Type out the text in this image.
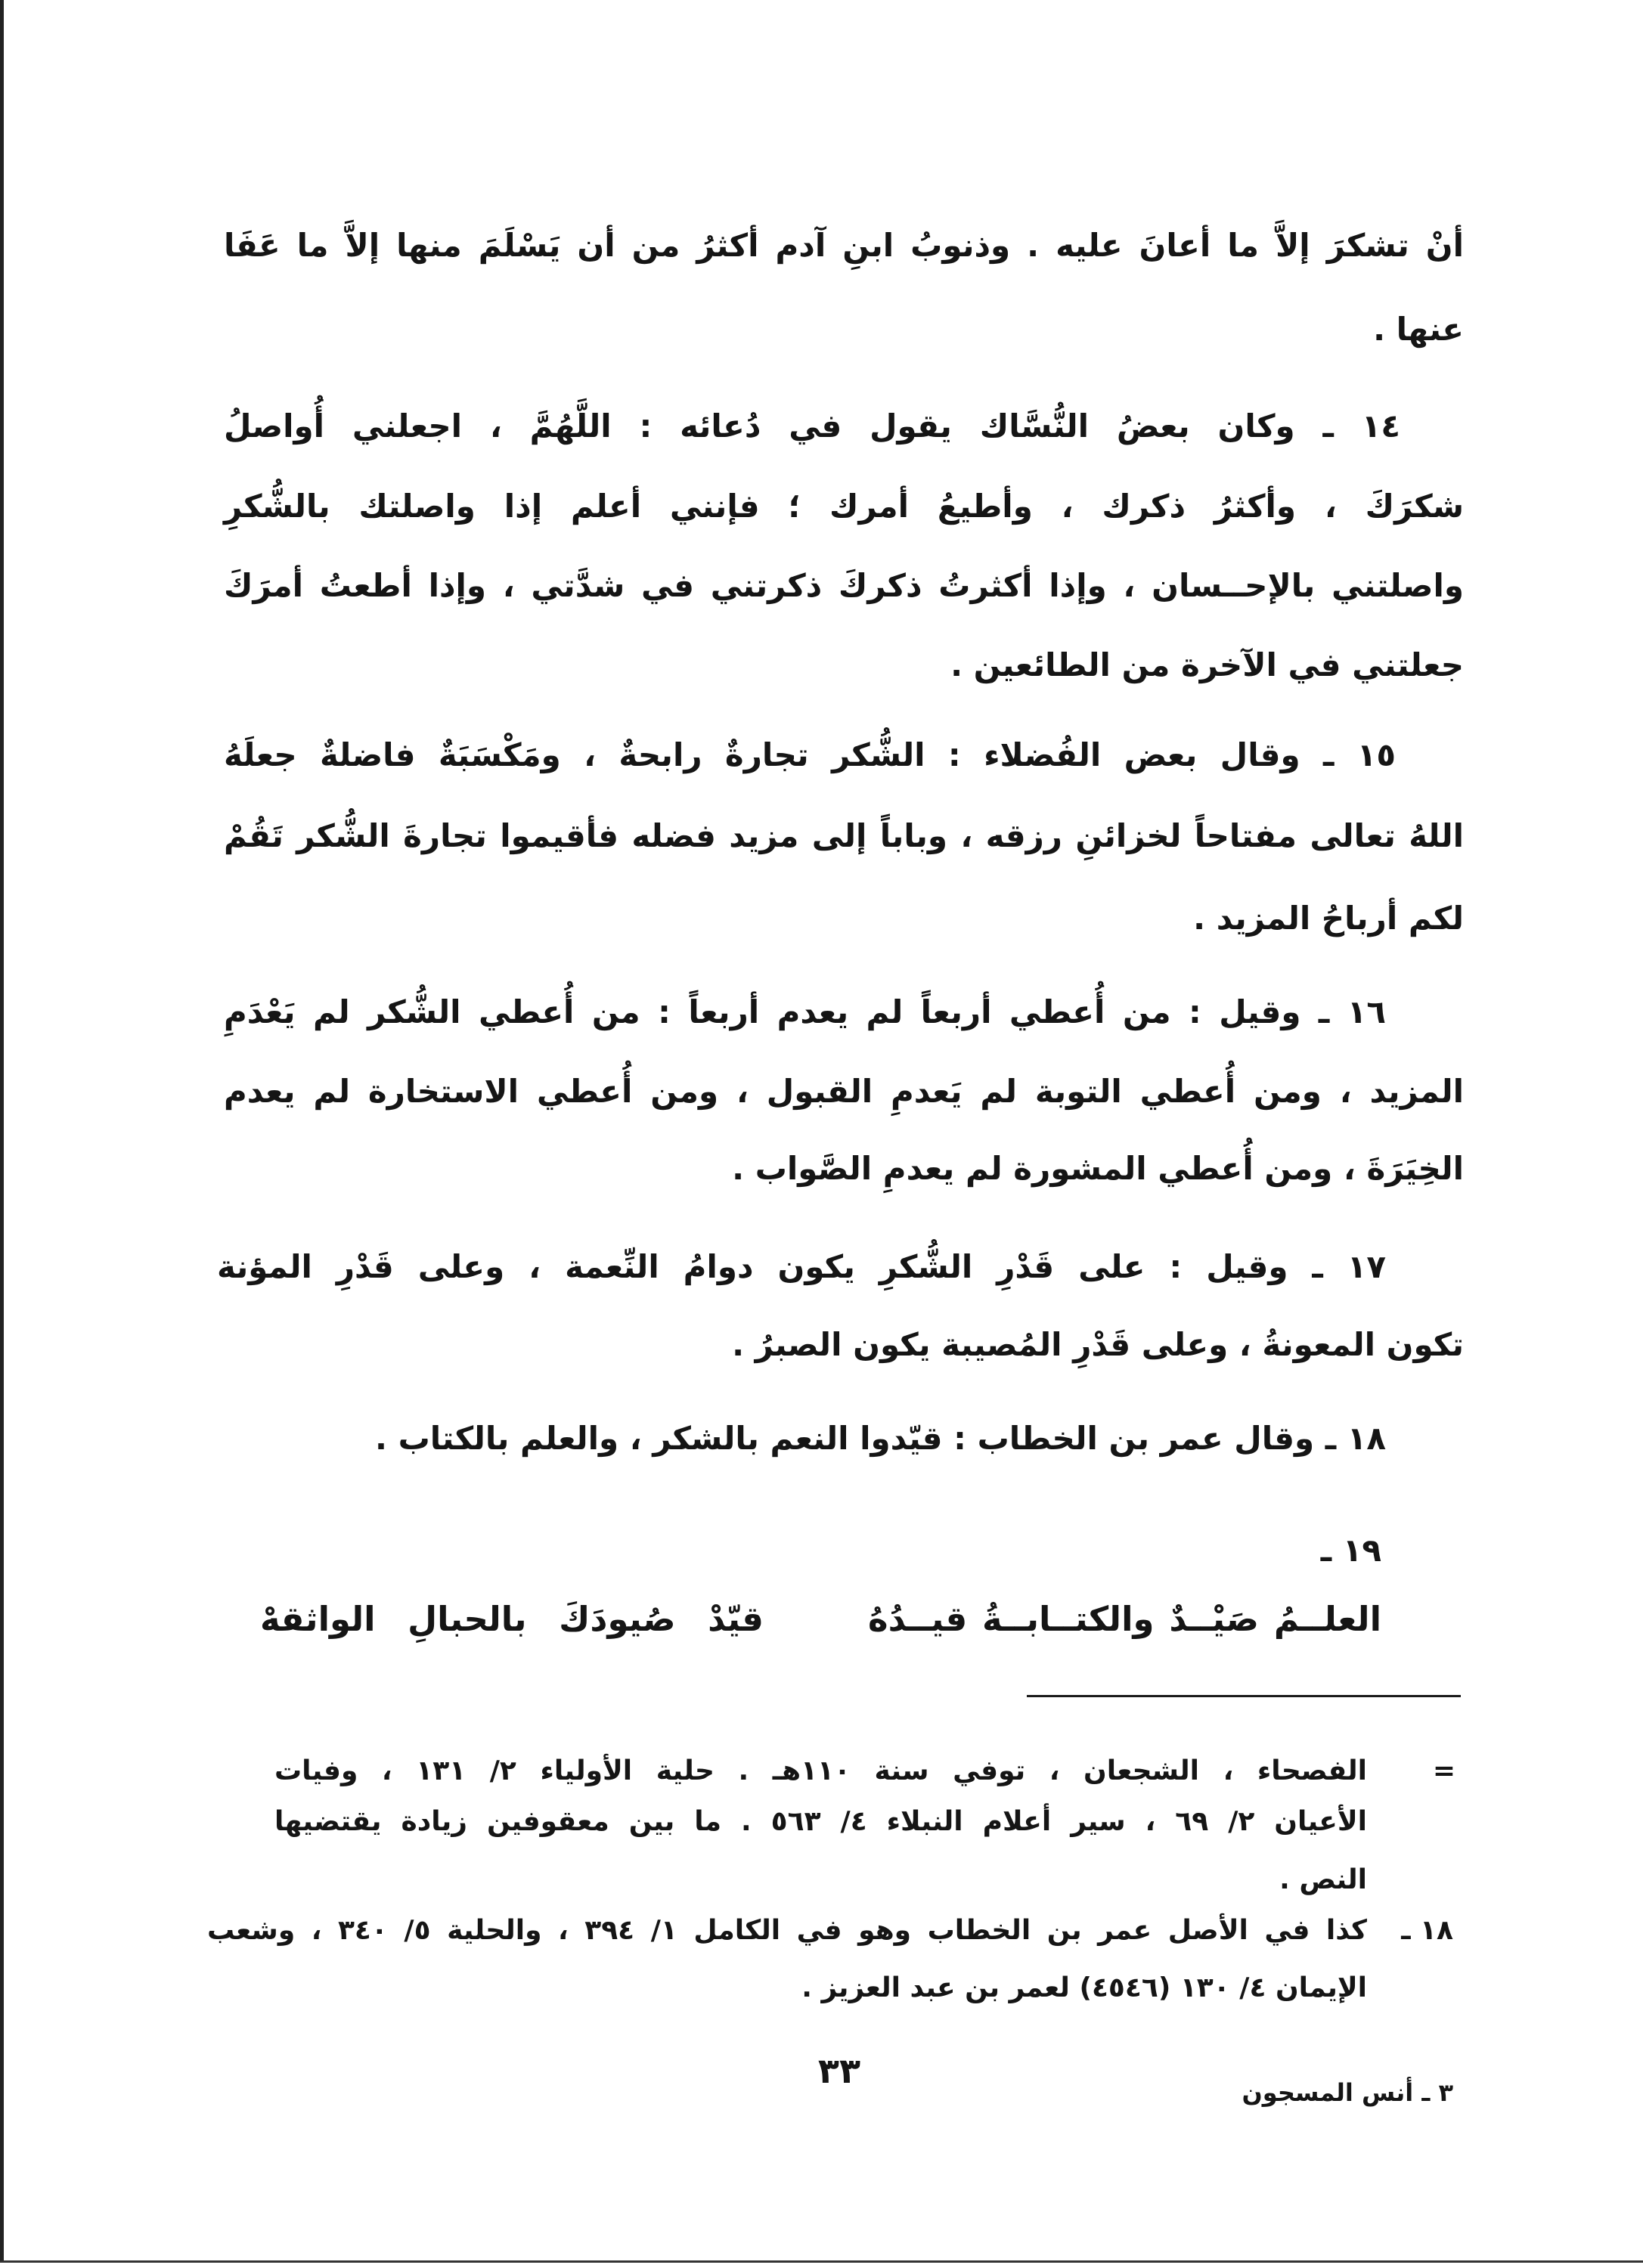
أنْ تشكرَ إلاَّ ما أعانَ عليه . وذنوبُ ابنِ آدم أكثرُ من أن يَسْلَمَ منها إلاَّ ما عَفَا
عنها .
١٤ ـ وكان بعضُ النُّسَّاك يقول في دُعائه : اللَّهُمَّ ، اجعلني أُواصلُ
شكرَكَ ، وأكثرُ ذكرك ، وأطيعُ أمرك ؛ فإنني أعلم إذا واصلتك بالشُّكرِ
واصلتني بالإحــسان ، وإذا أكثرتُ ذكركَ ذكرتني في شدَّتي ، وإذا أطعتُ أمرَكَ
جعلتني في الآخرة من الطائعين .
١٥ ـ وقال بعض الفُضلاء : الشُّكر تجارةٌ رابحةٌ ، ومَكْسَبَةٌ فاضلةٌ جعلَهُ
اللهُ تعالى مفتاحاً لخزائنِ رزقه ، وباباً إلى مزيد فضله فأقيموا تجارةَ الشُّكر تَقُمْ
لكم أرباحُ المزيد .
١٦ ـ وقيل : من أُعطي أربعاً لم يعدم أربعاً : من أُعطي الشُّكر لم يَعْدَمِ
المزيد ، ومن أُعطي التوبة لم يَعدمِ القبول ، ومن أُعطي الاستخارة لم يعدم
الخِيَرَةَ ، ومن أُعطي المشورة لم يعدمِ الصَّواب .
١٧ ـ وقيل : على قَدْرِ الشُّكرِ يكون دوامُ النِّعمة ، وعلى قَدْرِ المؤنة
تكون المعونةُ ، وعلى قَدْرِ المُصيبة يكون الصبرُ .
١٨ ـ وقال عمر بن الخطاب : قيّدوا النعم بالشكر ، والعلم بالكتاب .
١٩ ـ
العلــمُ صَيْــدٌ والكتــابــةُ قيــدُهُ
قيّدْ صُيودَكَ بالحبالِ الواثقهْ
=
الفصحاء ، الشجعان ، توفي سنة ١١٠هـ . حلية الأولياء ٢/ ١٣١ ، وفيات
الأعيان ٢/ ٦٩ ، سير أعلام النبلاء ٤/ ٥٦٣ . ما بين معقوفين زيادة يقتضيها
النص .
١٨ ـ
كذا في الأصل عمر بن الخطاب وهو في الكامل ١/ ٣٩٤ ، والحلية ٥/ ٣٤٠ ، وشعب
الإيمان ٤/ ١٣٠ (٤٥٤٦) لعمر بن عبد العزيز .
٣٣
٣ ـ أنس المسجون
